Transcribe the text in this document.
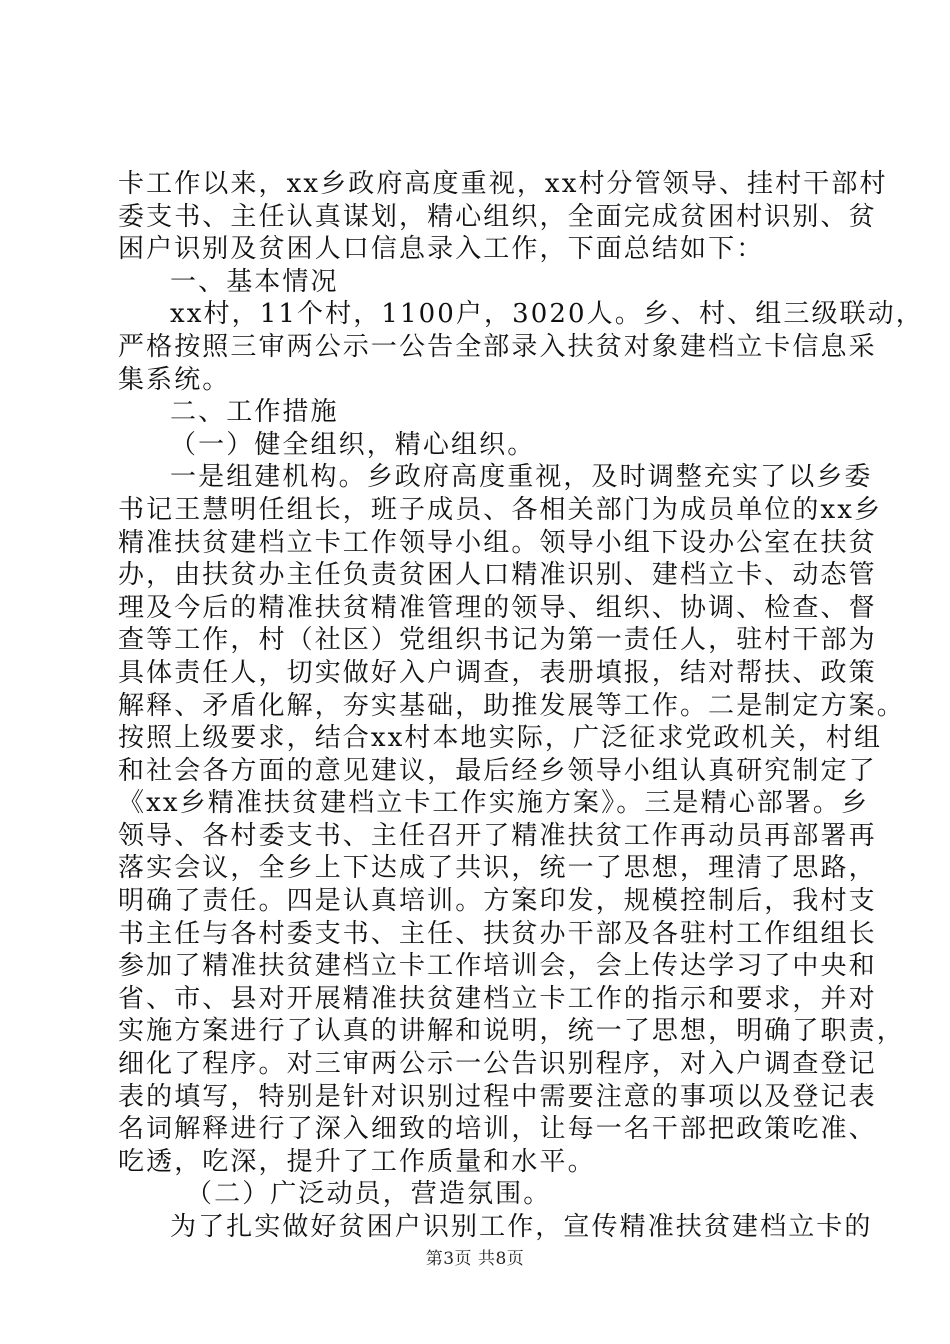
卡工作以来，xx乡政府高度重视，xx村分管领导、挂村干部村
委支书、主任认真谋划，精心组织，全面完成贫困村识别、贫
困户识别及贫困人口信息录入工作，下面总结如下：
一、基本情况
xx村，11个村，1100户，3020人。乡、村、组三级联动，
严格按照三审两公示一公告全部录入扶贫对象建档立卡信息采
集系统。
二、工作措施
（一）健全组织，精心组织。
一是组建机构。乡政府高度重视，及时调整充实了以乡委
书记王慧明任组长，班子成员、各相关部门为成员单位的xx乡
精准扶贫建档立卡工作领导小组。领导小组下设办公室在扶贫
办，由扶贫办主任负责贫困人口精准识别、建档立卡、动态管
理及今后的精准扶贫精准管理的领导、组织、协调、检查、督
查等工作，村（社区）党组织书记为第一责任人，驻村干部为
具体责任人，切实做好入户调查，表册填报，结对帮扶、政策
解释、矛盾化解，夯实基础，助推发展等工作。二是制定方案。
按照上级要求，结合xx村本地实际，广泛征求党政机关，村组
和社会各方面的意见建议，最后经乡领导小组认真研究制定了
《xx乡精准扶贫建档立卡工作实施方案》。三是精心部署。乡
领导、各村委支书、主任召开了精准扶贫工作再动员再部署再
落实会议，全乡上下达成了共识，统一了思想，理清了思路，
明确了责任。四是认真培训。方案印发，规模控制后，我村支
书主任与各村委支书、主任、扶贫办干部及各驻村工作组组长
参加了精准扶贫建档立卡工作培训会，会上传达学习了中央和
省、市、县对开展精准扶贫建档立卡工作的指示和要求，并对
实施方案进行了认真的讲解和说明，统一了思想，明确了职责，
细化了程序。对三审两公示一公告识别程序，对入户调查登记
表的填写，特别是针对识别过程中需要注意的事项以及登记表
名词解释进行了深入细致的培训，让每一名干部把政策吃准、
吃透，吃深，提升了工作质量和水平。
（二）广泛动员，营造氛围。
为了扎实做好贫困户识别工作，宣传精准扶贫建档立卡的
第3页 共8页
